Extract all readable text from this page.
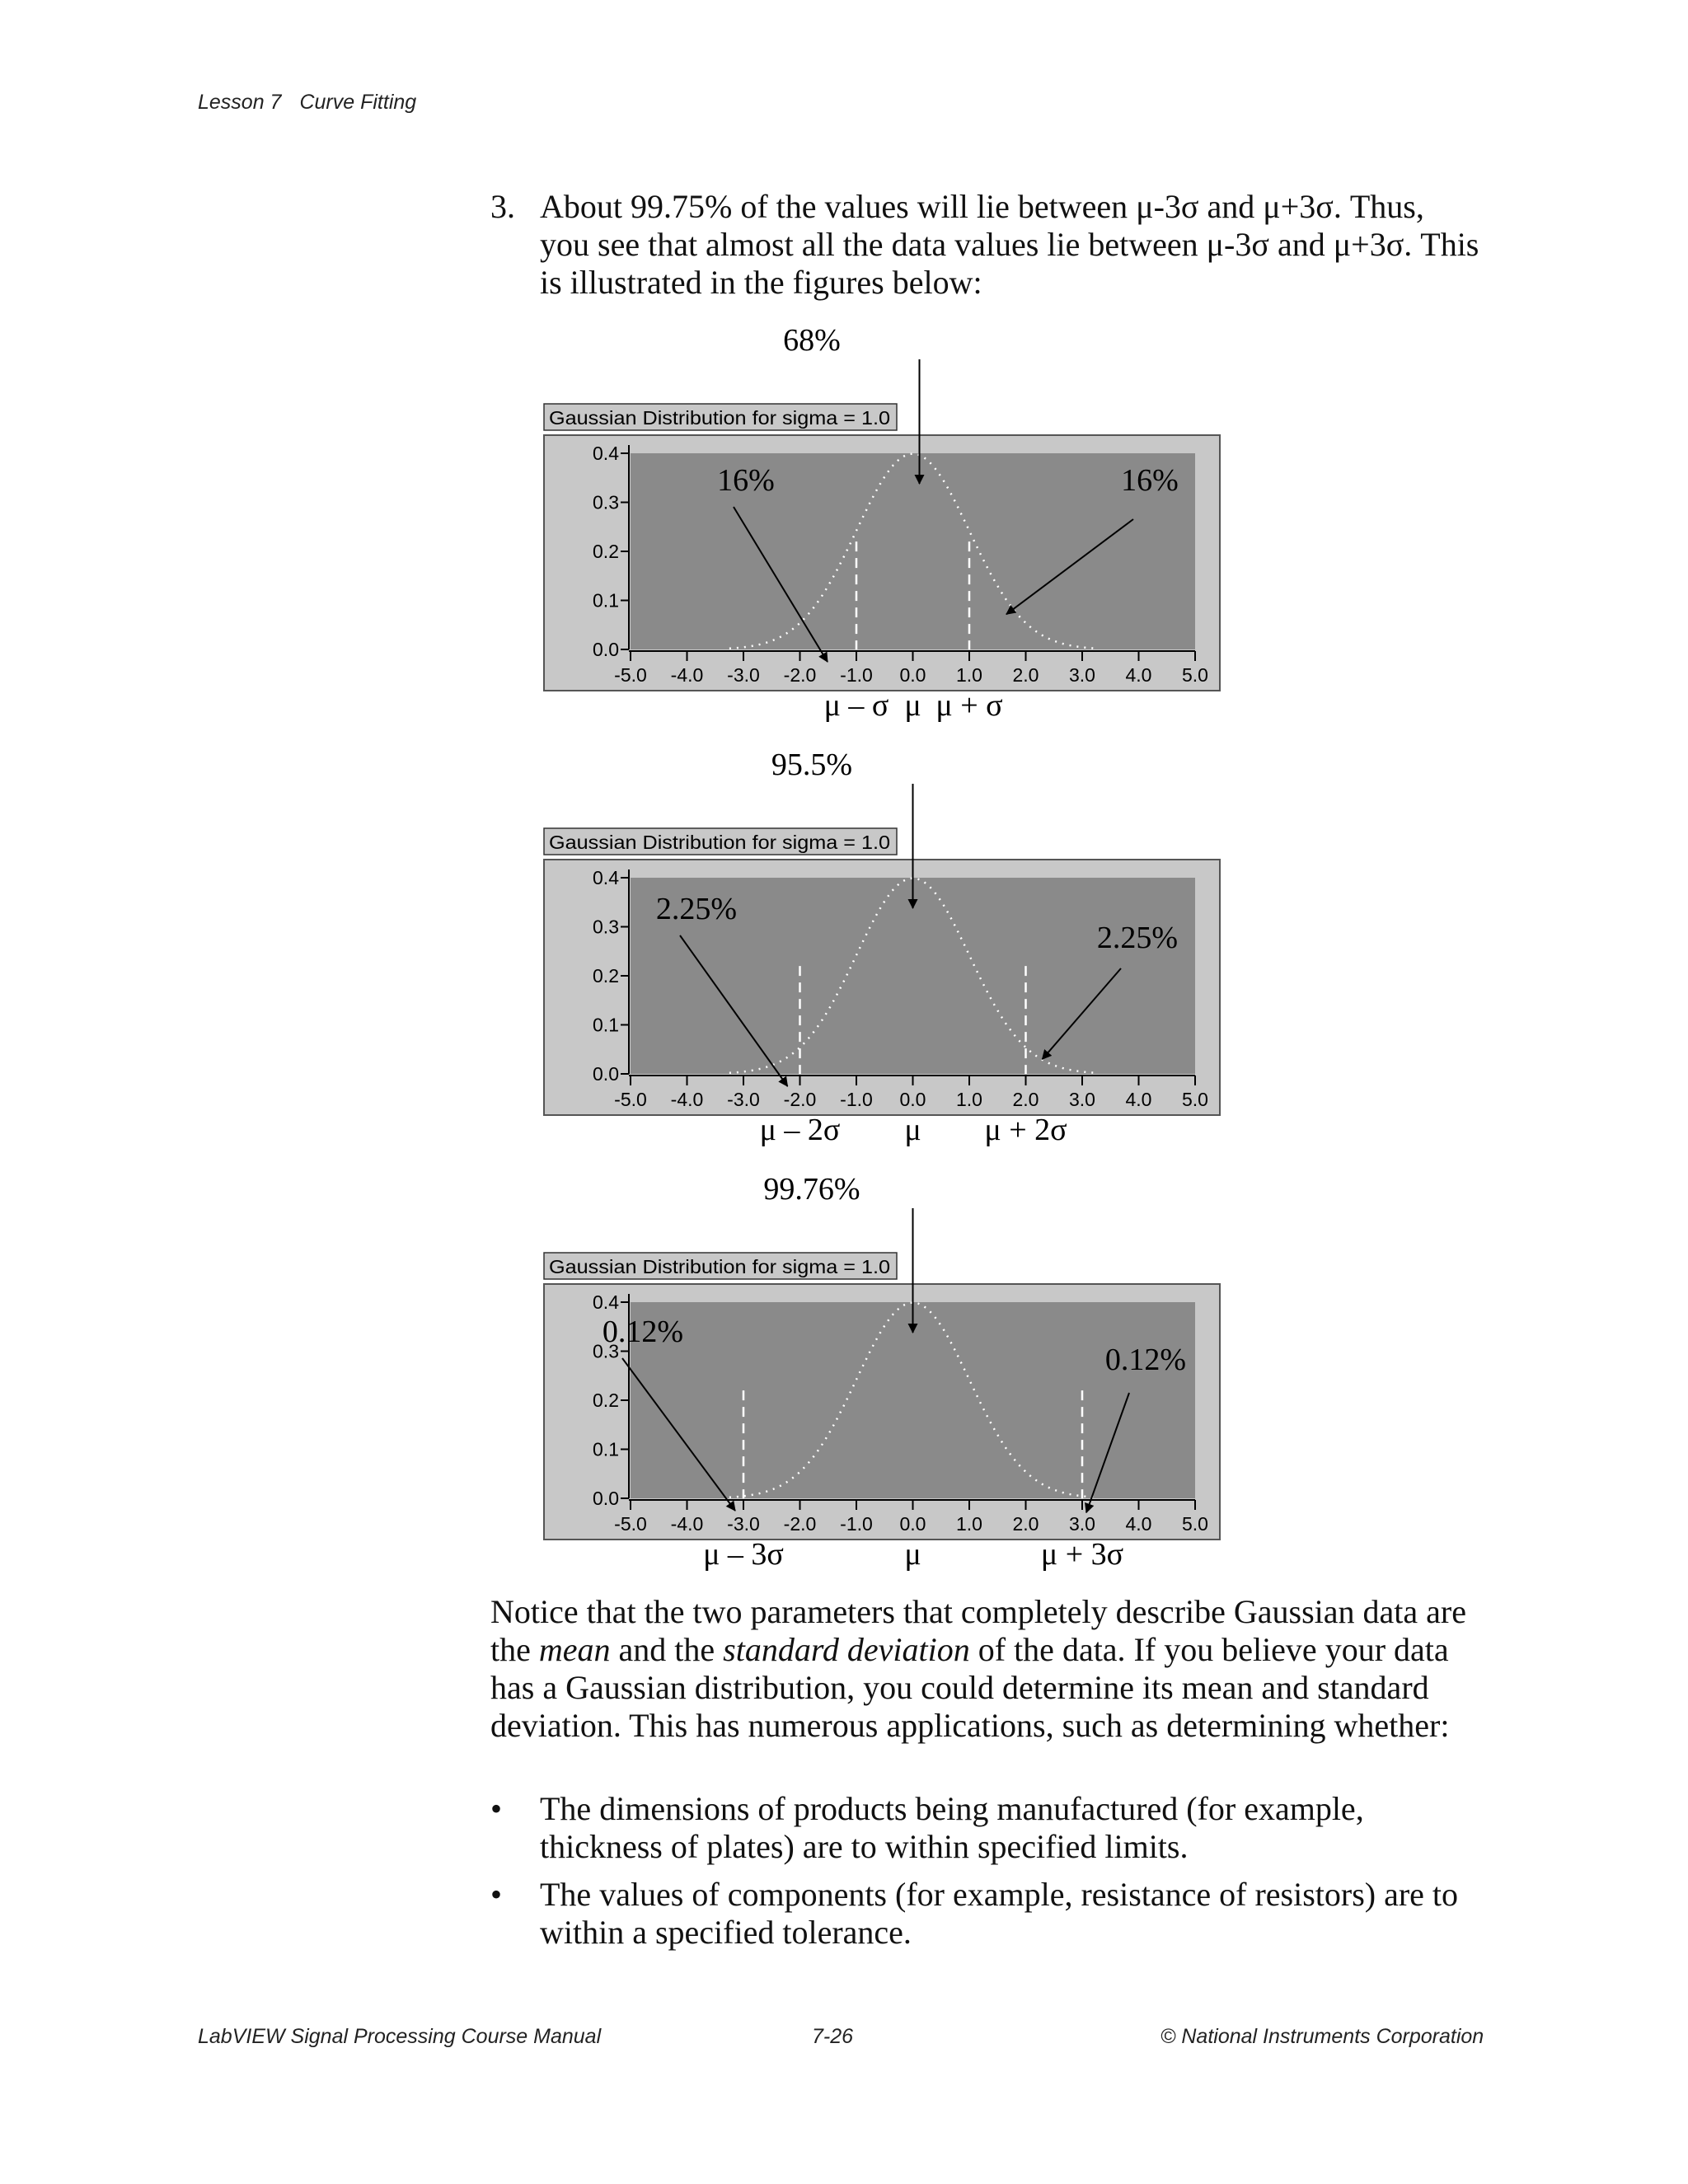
Lesson 7 Curve Fitting
3. About 99.75% of the values will lie between μ-3σ and μ+3σ. Thus,
you see that almost all the data values lie between μ-3σ and μ+3σ. This
is illustrated in the figures below:
Gaussian Distribution for sigma = 1.0
0.0
0.1
0.2
0.3
0.4
-5.0 -4.0 -3.0 -2.0 -1.0 0.0 1.0 2.0 3.0 4.0 5.0
68%
16%	16%
μ – σ μ μ + σ
Gaussian Distribution for sigma = 1.0
0.0
0.1
0.2
0.3
0.4
-5.0 -4.0 -3.0 -2.0 -1.0 0.0 1.0 2.0 3.0 4.0 5.0
95.5%
2.25%
2.25%
μ – 2σ μ μ + 2σ
Gaussian Distribution for sigma = 1.0
0.0
0.1
0.2
0.3
0.4
-5.0 -4.0 -3.0 -2.0 -1.0 0.0 1.0 2.0 3.0 4.0 5.0
99.76%
0.12%
0.12%
μ – 3σ	μ	μ + 3σ
Notice that the two parameters that completely describe Gaussian data are the mean and the standard deviation of the data. If you believe your data has a Gaussian distribution, you could determine its mean and standard deviation. This has numerous applications, such as determining whether:
• The dimensions of products being manufactured (for example, thickness of plates) are to within specified limits.
• The values of components (for example, resistance of resistors) are to within a specified tolerance.
LabVIEW Signal Processing Course Manual	7-26	© National Instruments Corporation
